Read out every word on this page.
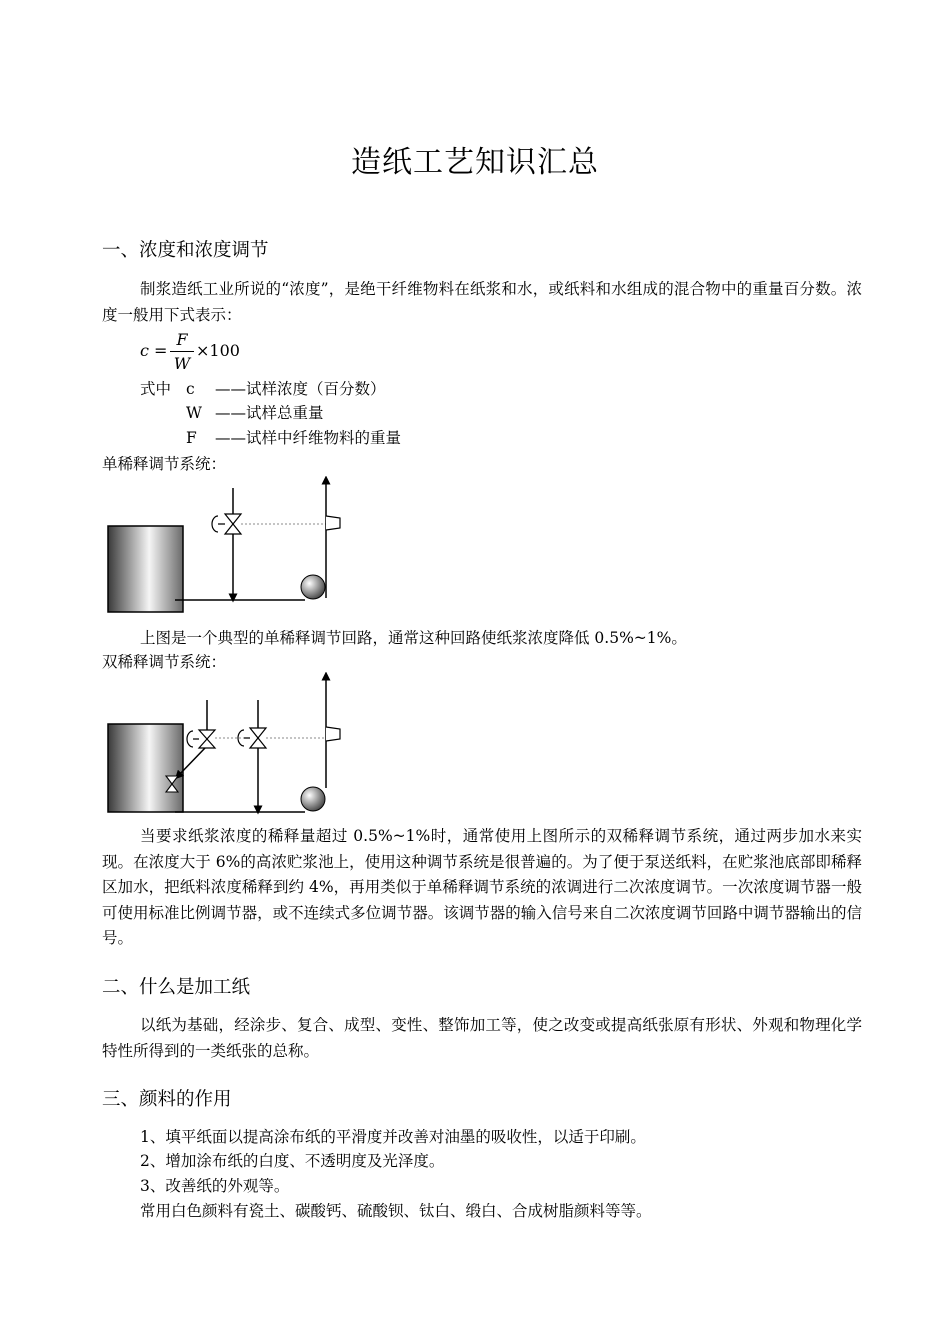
造纸工艺知识汇总
一、浓度和浓度调节
制浆造纸工业所说的“浓度”，是绝干纤维物料在纸浆和水，或纸料和水组成的混合物中的重量百分数。浓度一般用下式表示：
c =
F
W
×100
式中 c ——试样浓度（百分数）
W ——试样总重量
F ——试样中纤维物料的重量
单稀释调节系统：
上图是一个典型的单稀释调节回路，通常这种回路使纸浆浓度降低 0.5%~1%。
双稀释调节系统：
当要求纸浆浓度的稀释量超过 0.5%~1%时，通常使用上图所示的双稀释调节系统，通过两步加水来实现。在浓度大于 6%的高浓贮浆池上，使用这种调节系统是很普遍的。为了便于泵送纸料，在贮浆池底部即稀释区加水，把纸料浓度稀释到约 4%，再用类似于单稀释调节系统的浓调进行二次浓度调节。一次浓度调节器一般可使用标准比例调节器，或不连续式多位调节器。该调节器的输入信号来自二次浓度调节回路中调节器输出的信号。
二、什么是加工纸
以纸为基础，经涂步、复合、成型、变性、整饰加工等，使之改变或提高纸张原有形状、外观和物理化学特性所得到的一类纸张的总称。
三、颜料的作用
1、填平纸面以提高涂布纸的平滑度并改善对油墨的吸收性，以适于印刷。
2、增加涂布纸的白度、不透明度及光泽度。
3、改善纸的外观等。
常用白色颜料有瓷土、碳酸钙、硫酸钡、钛白、缎白、合成树脂颜料等等。
